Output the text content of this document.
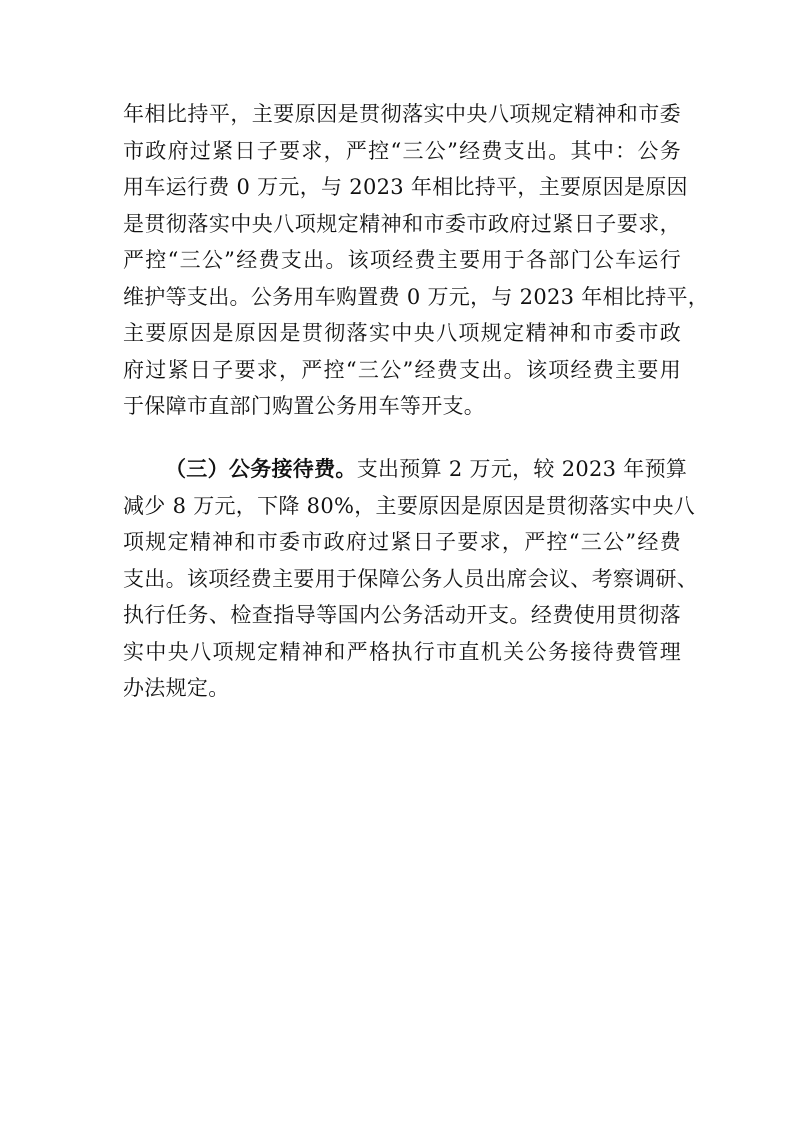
年相比持平，主要原因是贯彻落实中央八项规定精神和市委
市政府过紧日子要求，严控“三公”经费支出。其中：公务
用车运行费 0 万元，与 2023 年相比持平，主要原因是原因
是贯彻落实中央八项规定精神和市委市政府过紧日子要求，
严控“三公”经费支出。该项经费主要用于各部门公车运行
维护等支出。公务用车购置费 0 万元，与 2023 年相比持平，
主要原因是原因是贯彻落实中央八项规定精神和市委市政
府过紧日子要求，严控“三公”经费支出。该项经费主要用
于保障市直部门购置公务用车等开支。
（三）公务接待费。支出预算 2 万元，较 2023 年预算
减少 8 万元，下降 80%，主要原因是原因是贯彻落实中央八
项规定精神和市委市政府过紧日子要求，严控“三公”经费
支出。该项经费主要用于保障公务人员出席会议、考察调研、
执行任务、检查指导等国内公务活动开支。经费使用贯彻落
实中央八项规定精神和严格执行市直机关公务接待费管理
办法规定。
